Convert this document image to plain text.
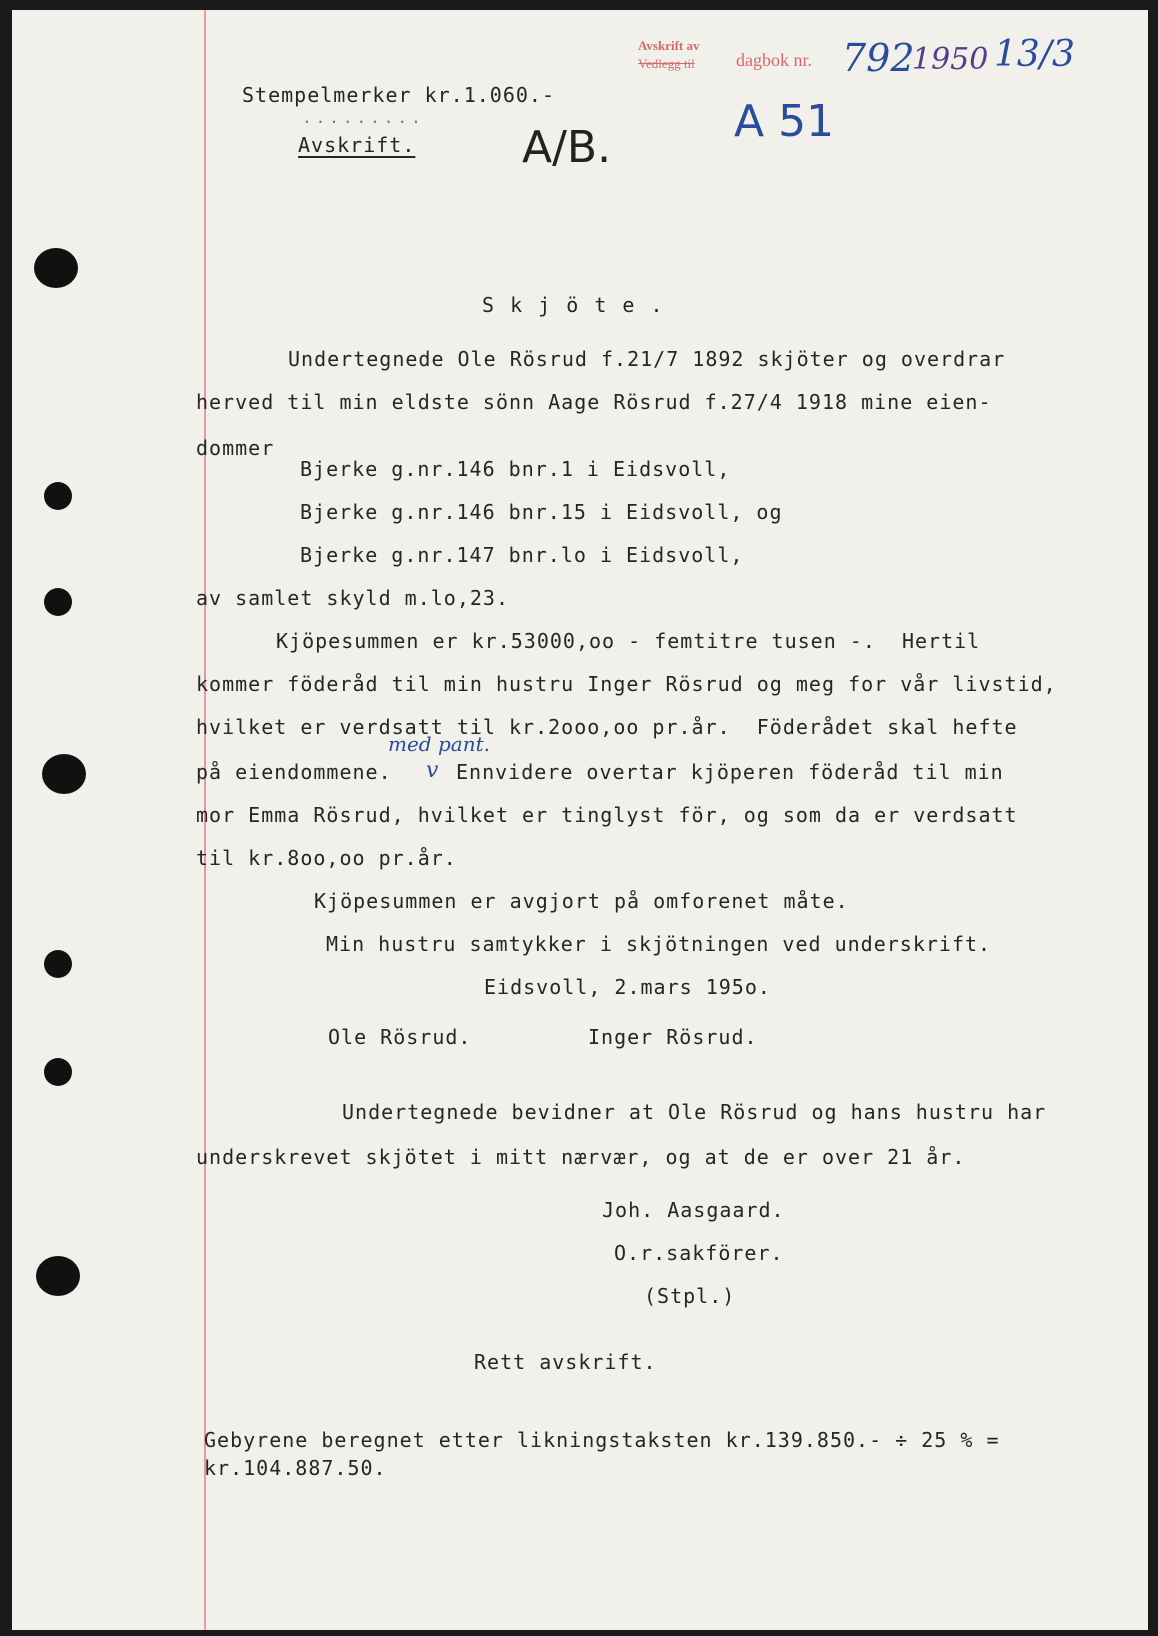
Avskrift av
Vedlegg til dagbok nr. 792
1950 13/3
A 51
Stempelmerker kr.1.060.-
.........
Avskrift. A/B.
S k j ö t e .
Undertegnede Ole Rösrud f.21/7 1892 skjöter og overdrar
herved til min eldste sönn Aage Rösrud f.27/4 1918 mine eien-
dommer
Bjerke g.nr.146 bnr.1 i Eidsvoll,
Bjerke g.nr.146 bnr.15 i Eidsvoll, og
Bjerke g.nr.147 bnr.lo i Eidsvoll,
av samlet skyld m.lo,23.
Kjöpesummen er kr.53000,oo - femtitre tusen -.  Hertil
kommer föderåd til min hustru Inger Rösrud og meg for vår livstid,
hvilket er verdsatt til kr.2ooo,oo pr.år.  Föderådet skal hefte
med pant.
på eiendommene. v Ennvidere overtar kjöperen föderåd til min
mor Emma Rösrud, hvilket er tinglyst för, og som da er verdsatt
til kr.8oo,oo pr.år.
Kjöpesummen er avgjort på omforenet måte.
Min hustru samtykker i skjötningen ved underskrift.
Eidsvoll, 2.mars 195o.
Ole Rösrud.	Inger Rösrud.
Undertegnede bevidner at Ole Rösrud og hans hustru har
underskrevet skjötet i mitt nærvær, og at de er over 21 år.
Joh. Aasgaard.
O.r.sakförer.
(Stpl.)
Rett avskrift.
Gebyrene beregnet etter likningstaksten kr.139.850.- ÷ 25 % =
kr.104.887.50.
